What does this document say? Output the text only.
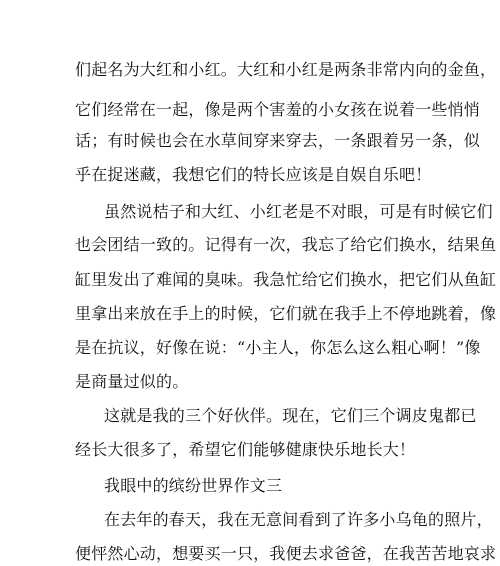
们起名为大红和小红。大红和小红是两条非常内向的金鱼，
它们经常在一起，像是两个害羞的小女孩在说着一些悄悄
话；有时候也会在水草间穿来穿去，一条跟着另一条，似
乎在捉迷藏，我想它们的特长应该是自娱自乐吧！
虽然说桔子和大红、小红老是不对眼，可是有时候它们
也会团结一致的。记得有一次，我忘了给它们换水，结果鱼
缸里发出了难闻的臭味。我急忙给它们换水，把它们从鱼缸
里拿出来放在手上的时候，它们就在我手上不停地跳着，像
是在抗议，好像在说：“小主人，你怎么这么粗心啊！”像
是商量过似的。
这就是我的三个好伙伴。现在，它们三个调皮鬼都已
经长大很多了，希望它们能够健康快乐地长大！
我眼中的缤纷世界作文三
在去年的春天，我在无意间看到了许多小乌龟的照片，
便怦然心动，想要买一只，我便去求爸爸，在我苦苦地哀求
